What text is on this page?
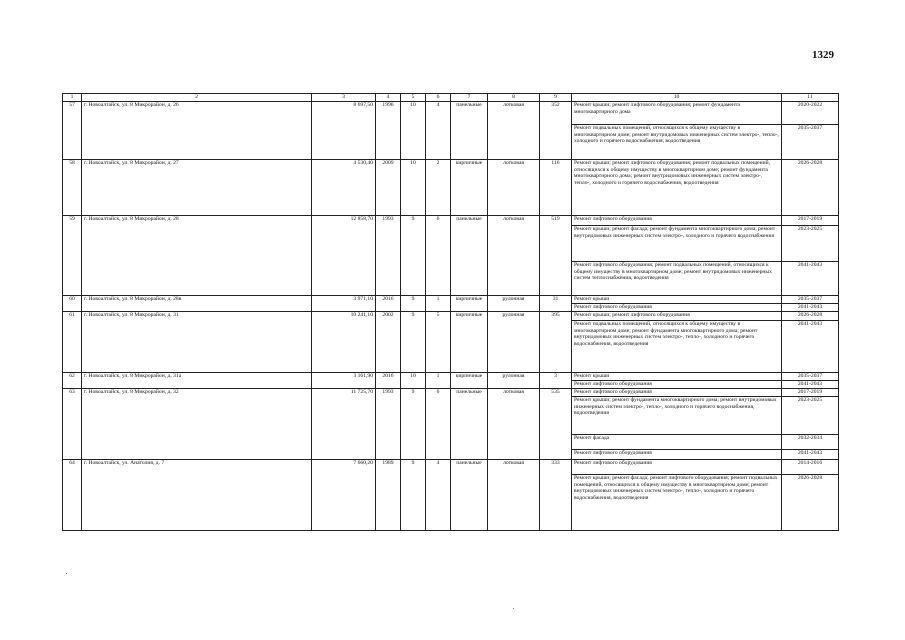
1329
1	2	3	4	5	6	7	8	9	10	11
57	г. Новоалтайск, ул. 8 Микрорайон, д. 26	8 697,50	1996	10	4	панельные	лотковая	352	Ремонт крыши; ремонт лифтового оборудования; ремонт фундамента многоквартирного дома	2020-2022
									Ремонт подвальных помещений, относящихся к общему имуществу в многоквартирном доме; ремонт внутридомовых инженерных систем электро-, тепло-, холодного и горячего водоснабжения, водоотведения	2035-2037
58	г. Новоалтайск, ул. 8 Микрорайон, д. 27	4 530,40	2009	10	2	кирпичные	лотковая	116	Ремонт крыши; ремонт лифтового оборудования; ремонт подвальных помещений, относящихся к общему имуществу в многоквартирном доме; ремонт фундамента многоквартирного дома; ремонт внутридомовых инженерных систем электро-, тепло-, холодного и горячего водоснабжения, водоотведения	2026-2028
59	г. Новоалтайск, ул. 8 Микрорайон, д. 28	12 858,70	1993	9	6	панельные	лотковая	519	Ремонт лифтового оборудования	2017-2019
									Ремонт крыши; ремонт фасада; ремонт фундамента многоквартирного дома; ремонт внутридомовых инженерных систем электро-, холодного и горячего водоснабжения	2023-2025
									Ремонт лифтового оборудования; ремонт подвальных помещений, относящихся к общему имуществу в многоквартирном доме; ремонт внутридомовых инженерных систем теплоснабжения, водоотведения	2041-2043
60	г. Новоалтайск, ул. 8 Микрорайон, д. 28в	3 971,10	2016	9	1	кирпичные	рулонная	31	Ремонт крыши	2035-2037
									Ремонт лифтового оборудования	2041-2043
61	г. Новоалтайск, ул. 8 Микрорайон, д. 31	10 241,10	2002	9	5	кирпичные	рулонная	395	Ремонт крыши; ремонт лифтового оборудования	2026-2028
									Ремонт подвальных помещений, относящихся к общему имуществу в многоквартирном доме; ремонт фундамента многоквартирного дома; ремонт внутридомовых инженерных систем электро-, тепло-, холодного и горячего водоснабжения, водоотведения	2041-2043
62	г. Новоалтайск, ул. 8 Микрорайон, д. 31а	3 161,90	2016	10	1	кирпичные	рулонная	3	Ремонт крыши	2035-2037
									Ремонт лифтового оборудования	2041-2043
63	г. Новоалтайск, ул. 8 Микрорайон, д. 32	11 725,70	1993	9	6	панельные	лотковая	535	Ремонт лифтового оборудования	2017-2019
									Ремонт крыши; ремонт фундамента многоквартирного дома; ремонт внутридомовых инженерных систем электро-, тепло-, холодного и горячего водоснабжения, водоотведения	2023-2025
									Ремонт фасада	2032-2034
									Ремонт лифтового оборудования	2041-2043
64	г. Новоалтайск, ул. Анатолия, д. 7	7 660,20	1989	9	4	панельные	лотковая	333	Ремонт лифтового оборудования	2014-2016
									Ремонт крыши; ремонт фасада; ремонт лифтового оборудования; ремонт подвальных помещений, относящихся к общему имуществу в многоквартирном доме; ремонт внутридомовых инженерных систем электро-, тепло-, холодного и горячего водоснабжения, водоотведения	2026-2028
